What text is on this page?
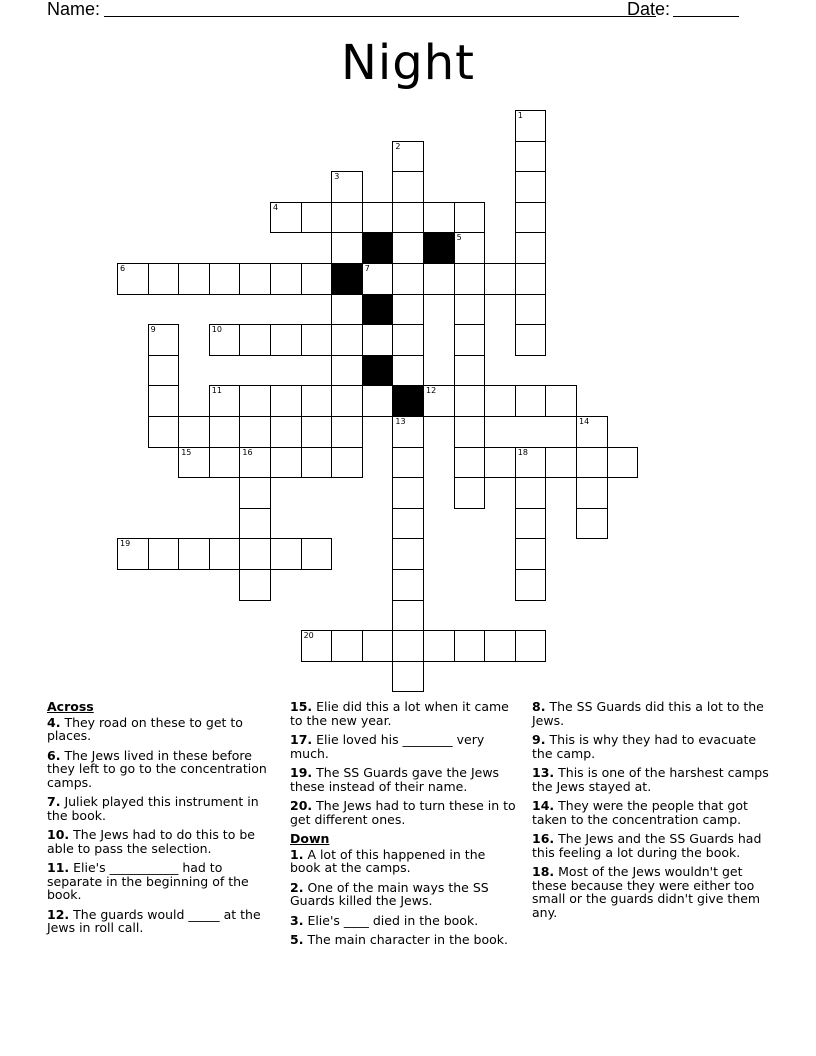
Name:	Date:
Night
1
2
3
4
5
6	7
9	10
11	12
13	14
15	16	18
19
20
Across
4. They road on these to get to places.
6. The Jews lived in these before they left to go to the concentration camps.
7. Juliek played this instrument in the book.
10. The Jews had to do this to be able to pass the selection.
11. Elie's ___________ had to separate in the beginning of the book.
12. The guards would _____ at the Jews in roll call.
15. Elie did this a lot when it came to the new year.
17. Elie loved his ________ very much.
19. The SS Guards gave the Jews these instead of their name.
20. The Jews had to turn these in to get different ones.
Down
1. A lot of this happened in the book at the camps.
2. One of the main ways the SS Guards killed the Jews.
3. Elie's ____ died in the book.
5. The main character in the book.
8. The SS Guards did this a lot to the Jews.
9. This is why they had to evacuate the camp.
13. This is one of the harshest camps the Jews stayed at.
14. They were the people that got taken to the concentration camp.
16. The Jews and the SS Guards had this feeling a lot during the book.
18. Most of the Jews wouldn't get these because they were either too small or the guards didn't give them any.
